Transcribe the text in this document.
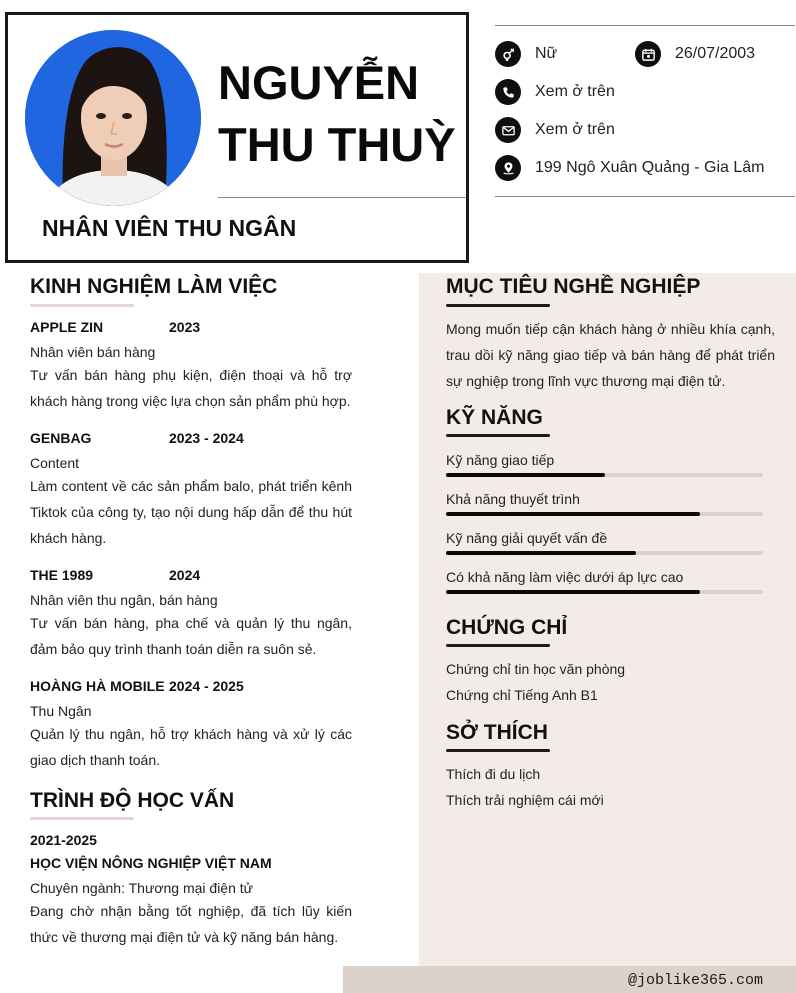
NGUYỄN
THU THUỲ
NHÂN VIÊN THU NGÂN
Nữ	26/07/2003
Xem ở trên
Xem ở trên
199 Ngô Xuân Quảng - Gia Lâm
KINH NGHIỆM LÀM VIỆC
APPLE ZIN	2023
Nhân viên bán hàng
Tư vấn bán hàng phụ kiện, điện thoại và hỗ trợ khách hàng trong việc lựa chọn sản phẩm phù hợp.
GENBAG	2023 - 2024
Content
Làm content về các sản phẩm balo, phát triển kênh Tiktok của công ty, tạo nội dung hấp dẫn để thu hút khách hàng.
THE 1989	2024
Nhân viên thu ngân, bán hàng
Tư vấn bán hàng, pha chế và quản lý thu ngân, đảm bảo quy trình thanh toán diễn ra suôn sẻ.
HOÀNG HÀ MOBILE 2024 - 2025
Thu Ngân
Quản lý thu ngân, hỗ trợ khách hàng và xử lý các giao dịch thanh toán.
TRÌNH ĐỘ HỌC VẤN
2021-2025
HỌC VIỆN NÔNG NGHIỆP VIỆT NAM
Chuyên ngành: Thương mại điện tử
Đang chờ nhận bằng tốt nghiệp, đã tích lũy kiến thức về thương mại điện tử và kỹ năng bán hàng.
MỤC TIÊU NGHỀ NGHIỆP
Mong muốn tiếp cận khách hàng ở nhiều khía cạnh, trau dồi kỹ năng giao tiếp và bán hàng để phát triển sự nghiệp trong lĩnh vực thương mại điện tử.
KỸ NĂNG
Kỹ năng giao tiếp
Khả năng thuyết trình
Kỹ năng giải quyết vấn đề
Có khả năng làm việc dưới áp lực cao
CHỨNG CHỈ
Chứng chỉ tin học văn phòng
Chứng chỉ Tiếng Anh B1
SỞ THÍCH
Thích đi du lịch
Thích trải nghiệm cái mới
@joblike365.com
